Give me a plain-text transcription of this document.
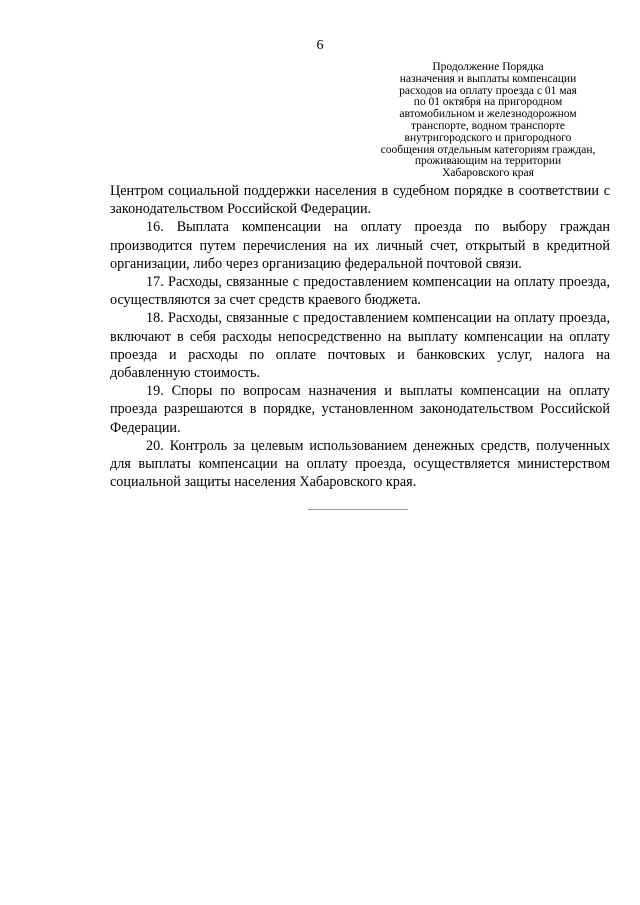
6
Продолжение Порядка
назначения и выплаты компенсации
расходов на оплату проезда с 01 мая
по 01 октября на пригородном
автомобильном и железнодорожном
транспорте, водном транспорте
внутригородского и пригородного
сообщения отдельным категориям граждан,
проживающим на территории
Хабаровского края

Центром социальной поддержки населения в судебном порядке в соответствии с законодательством Российской Федерации.

16. Выплата компенсации на оплату проезда по выбору граждан производится путем перечисления на их личный счет, открытый в кредитной организации, либо через организацию федеральной почтовой связи.

17. Расходы, связанные с предоставлением компенсации на оплату проезда, осуществляются за счет средств краевого бюджета.

18. Расходы, связанные с предоставлением компенсации на оплату проезда, включают в себя расходы непосредственно на выплату компенсации на оплату проезда и расходы по оплате почтовых и банковских услуг, налога на добавленную стоимость.

19. Споры по вопросам назначения и выплаты компенсации на оплату проезда разрешаются в порядке, установленном законодательством Российской Федерации.

20. Контроль за целевым использованием денежных средств, полученных для выплаты компенсации на оплату проезда, осуществляется министерством социальной защиты населения Хабаровского края.
